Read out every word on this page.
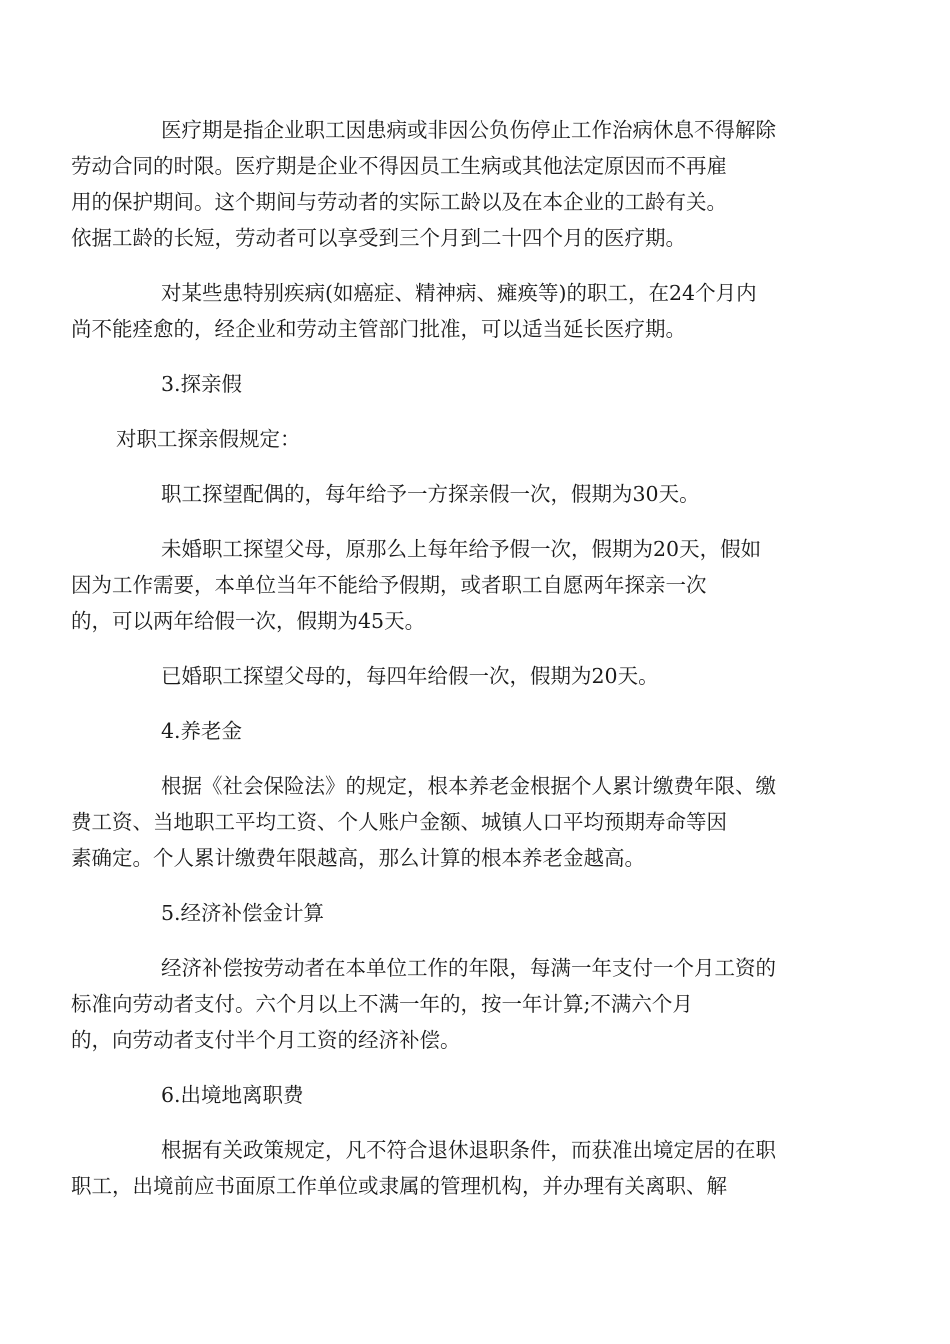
医疗期是指企业职工因患病或非因公负伤停止工作治病休息不得解除
劳动合同的时限。医疗期是企业不得因员工生病或其他法定原因而不再雇
用的保护期间。这个期间与劳动者的实际工龄以及在本企业的工龄有关。
依据工龄的长短，劳动者可以享受到三个月到二十四个月的医疗期。

对某些患特别疾病(如癌症、精神病、瘫痪等)的职工，在24个月内
尚不能痊愈的，经企业和劳动主管部门批准，可以适当延长医疗期。

3.探亲假

对职工探亲假规定：

职工探望配偶的，每年给予一方探亲假一次，假期为30天。

未婚职工探望父母，原那么上每年给予假一次，假期为20天，假如
因为工作需要，本单位当年不能给予假期，或者职工自愿两年探亲一次
的，可以两年给假一次，假期为45天。

已婚职工探望父母的，每四年给假一次，假期为20天。

4.养老金

根据《社会保险法》的规定，根本养老金根据个人累计缴费年限、缴
费工资、当地职工平均工资、个人账户金额、城镇人口平均预期寿命等因
素确定。个人累计缴费年限越高，那么计算的根本养老金越高。

5.经济补偿金计算

经济补偿按劳动者在本单位工作的年限，每满一年支付一个月工资的
标准向劳动者支付。六个月以上不满一年的，按一年计算;不满六个月
的，向劳动者支付半个月工资的经济补偿。

6.出境地离职费

根据有关政策规定，凡不符合退休退职条件，而获准出境定居的在职
职工，出境前应书面原工作单位或隶属的管理机构，并办理有关离职、解
